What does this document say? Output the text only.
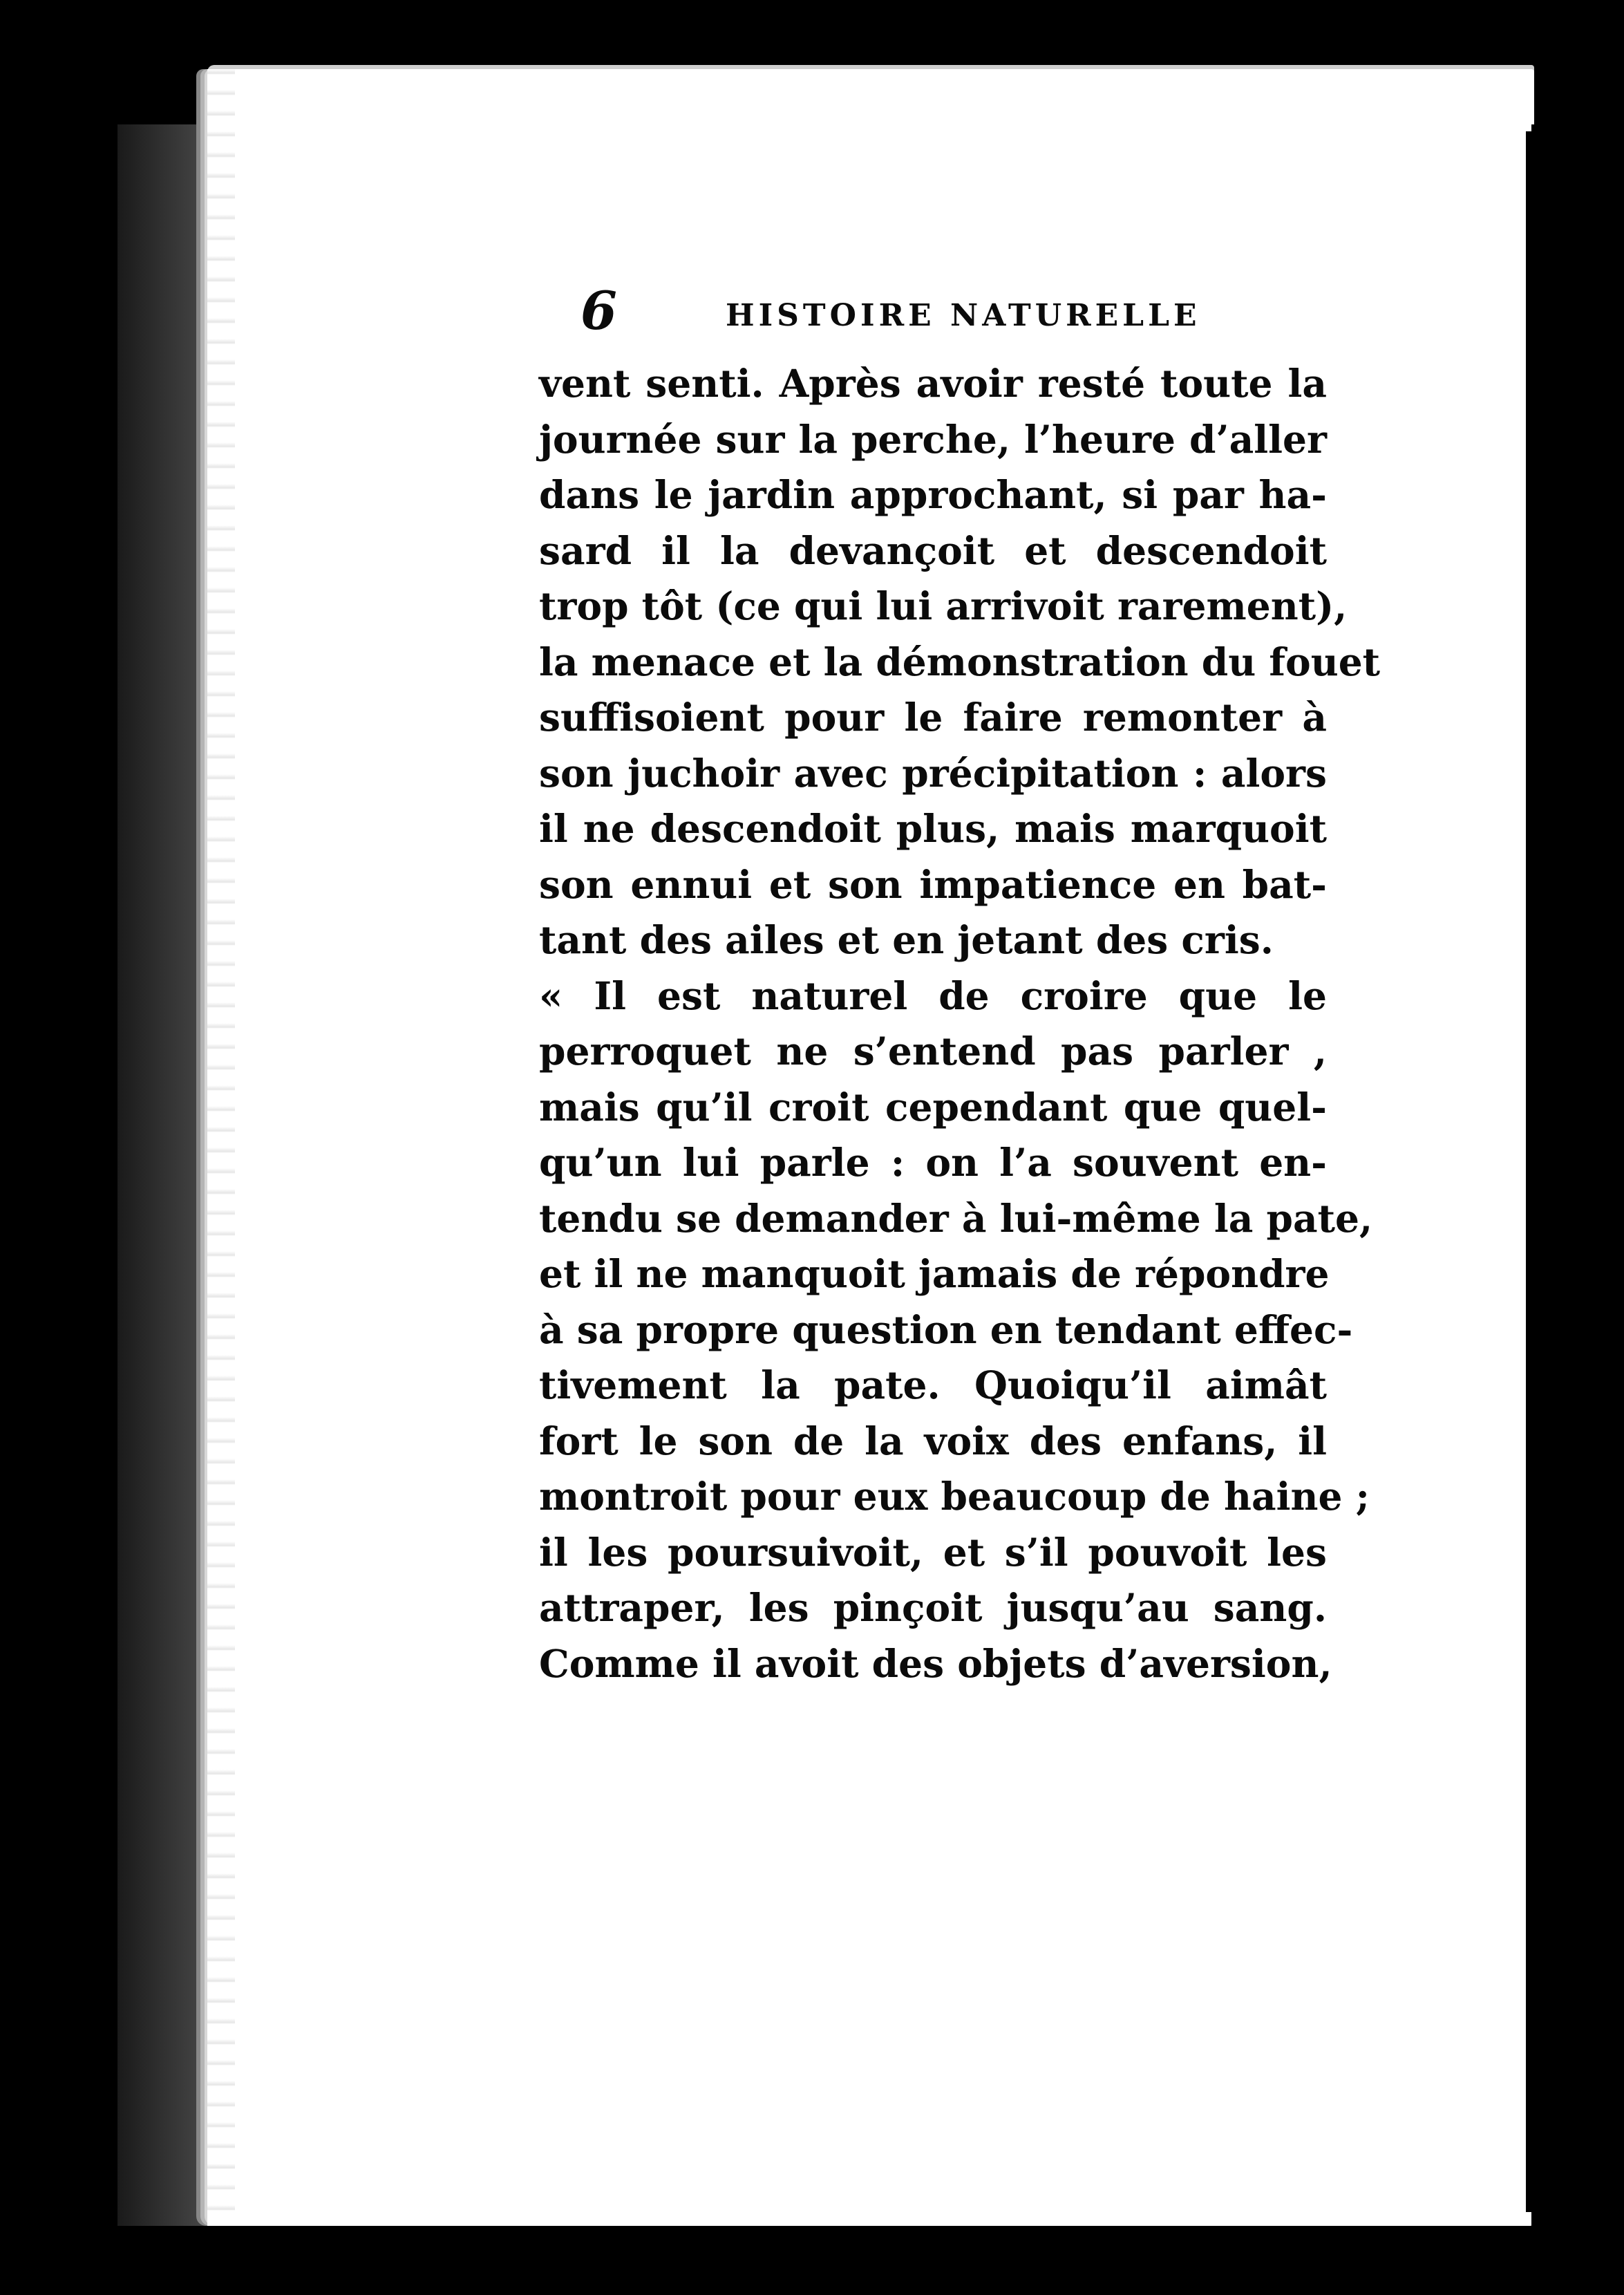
6	HISTOIRE NATURELLE
vent senti. Après avoir resté toute la
journée sur la perche, l’heure d’aller
dans le jardin approchant, si par ha-
sard il la devançoit et descendoit
trop tôt (ce qui lui arrivoit rarement),
la menace et la démonstration du fouet
suffisoient pour le faire remonter à
son juchoir avec précipitation : alors
il ne descendoit plus, mais marquoit
son ennui et son impatience en bat-
tant des ailes et en jetant des cris.
« Il est naturel de croire que le
perroquet ne s’entend pas parler ,
mais qu’il croit cependant que quel-
qu’un lui parle : on l’a souvent en-
tendu se demander à lui-même la pate,
et il ne manquoit jamais de répondre
à sa propre question en tendant effec-
tivement la pate. Quoiqu’il aimât
fort le son de la voix des enfans, il
montroit pour eux beaucoup de haine ;
il les poursuivoit, et s’il pouvoit les
attraper, les pinçoit jusqu’au sang.
Comme il avoit des objets d’aversion,
